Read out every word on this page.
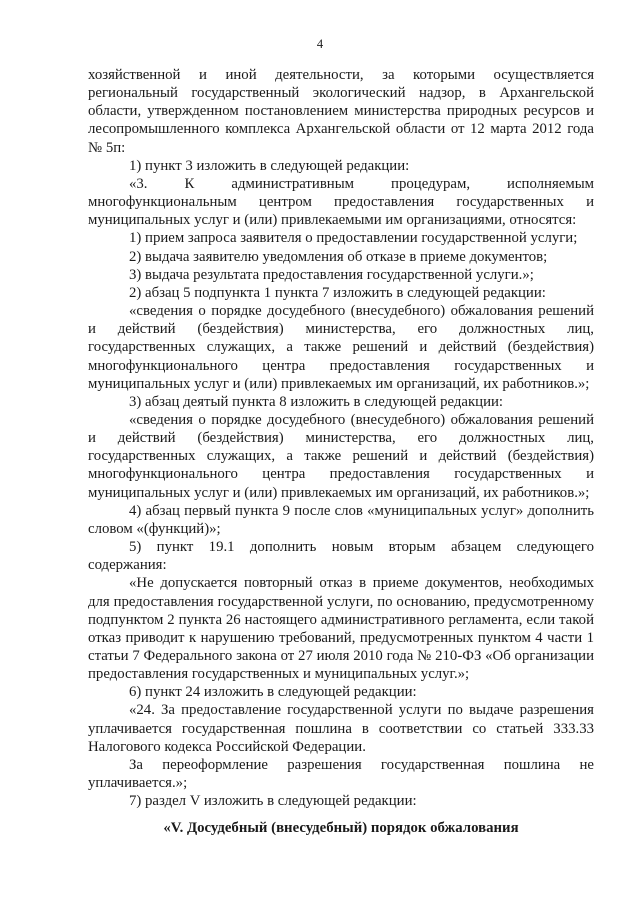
4

хозяйственной и иной деятельности, за которыми осуществляется региональный государственный экологический надзор, в Архангельской области, утвержденном постановлением министерства природных ресурсов и лесопромышленного комплекса Архангельской области от 12 марта 2012 года № 5п:

1) пункт 3 изложить в следующей редакции:

«3. К административным процедурам, исполняемым многофункциональным центром предоставления государственных и муниципальных услуг и (или) привлекаемыми им организациями, относятся:

1) прием запроса заявителя о предоставлении государственной услуги;

2) выдача заявителю уведомления об отказе в приеме документов;

3) выдача результата предоставления государственной услуги.»;

2) абзац 5 подпункта 1 пункта 7 изложить в следующей редакции:

«сведения о порядке досудебного (внесудебного) обжалования решений и действий (бездействия) министерства, его должностных лиц, государственных служащих, а также решений и действий (бездействия) многофункционального центра предоставления государственных и муниципальных услуг и (или) привлекаемых им организаций, их работников.»;

3) абзац деятый пункта 8 изложить в следующей редакции:

«сведения о порядке досудебного (внесудебного) обжалования решений и действий (бездействия) министерства, его должностных лиц, государственных служащих, а также решений и действий (бездействия) многофункционального центра предоставления государственных и муниципальных услуг и (или) привлекаемых им организаций, их работников.»;

4) абзац первый пункта 9 после слов «муниципальных услуг» дополнить словом «(функций)»;

5) пункт 19.1 дополнить новым вторым абзацем следующего содержания:

«Не допускается повторный отказ в приеме документов, необходимых для предоставления государственной услуги, по основанию, предусмотренному подпунктом 2 пункта 26 настоящего административного регламента, если такой отказ приводит к нарушению требований, предусмотренных пунктом 4 части 1 статьи 7 Федерального закона от 27 июля 2010 года № 210-ФЗ «Об организации предоставления государственных и муниципальных услуг.»;

6) пункт 24 изложить в следующей редакции:

«24. За предоставление государственной услуги по выдаче разрешения уплачивается государственная пошлина в соответствии со статьей 333.33 Налогового кодекса Российской Федерации.

За переоформление разрешения государственная пошлина не уплачивается.»;

7) раздел V изложить в следующей редакции:

«V. Досудебный (внесудебный) порядок обжалования
